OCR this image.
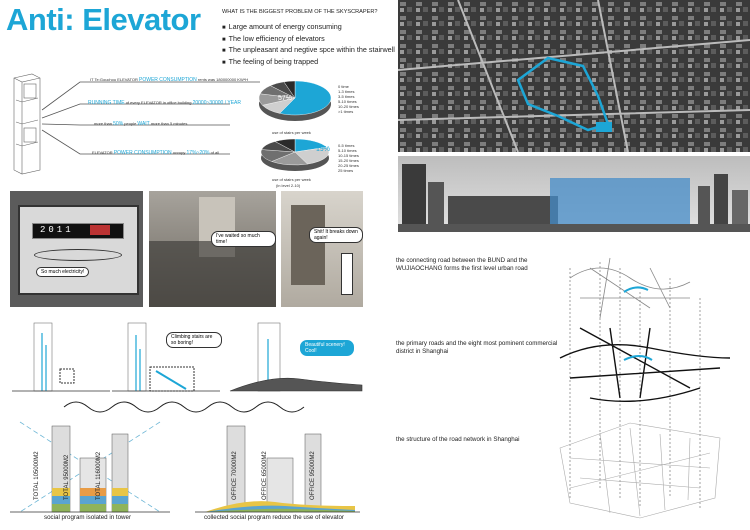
Anti: Elevator	WHAT IS THE BIGGEST PROBLEM OF THE SKYSCRAPER?
■ Large amount of energy consuming
■ The low efficiency of elevators
■ The unpleasant and negtive spce within the stairwell
■ The feeling of being trapped
IT Te:Gouchou ELEVATOR POWER CONSUMPTION rents was 180000000 KW*H
RUNNING TIME of every ELEVATOR in office building 20000~30000 / YEAR
more than 50% people WAIT more than 5 minutes
ELEVATOR POWER CONSUMPTION occupy 17%~20% of all
57%
use of stairs per week
0 time
1-3 times
3-5 times
5-10 times
10-20 times
>1 times
19%
use of stairs per week
(in level 2-10)
0-5 times
5-10 times
10-15 times
15-20 times
20-25 times
25 times
2011
So much electricity!
I've waited so much time!
Shit! It breaks down again!
Climbing stairs are so boring!	Beautiful scenery! Cool!
TOTAL 105000M2	TOTAL 95000M2	TOTAL 116000M2
social program isolated in tower
OFFICE 70000M2	OFFICE 65000M2	OFFICE 95000M2
collected social program reduce the use of elevator
the connecting road between the BUND and the WUJIAOCHANG forms the first level urban road
the primary roads and the eight most pominent commercial district in Shanghai
the structure of the road network in Shanghai
